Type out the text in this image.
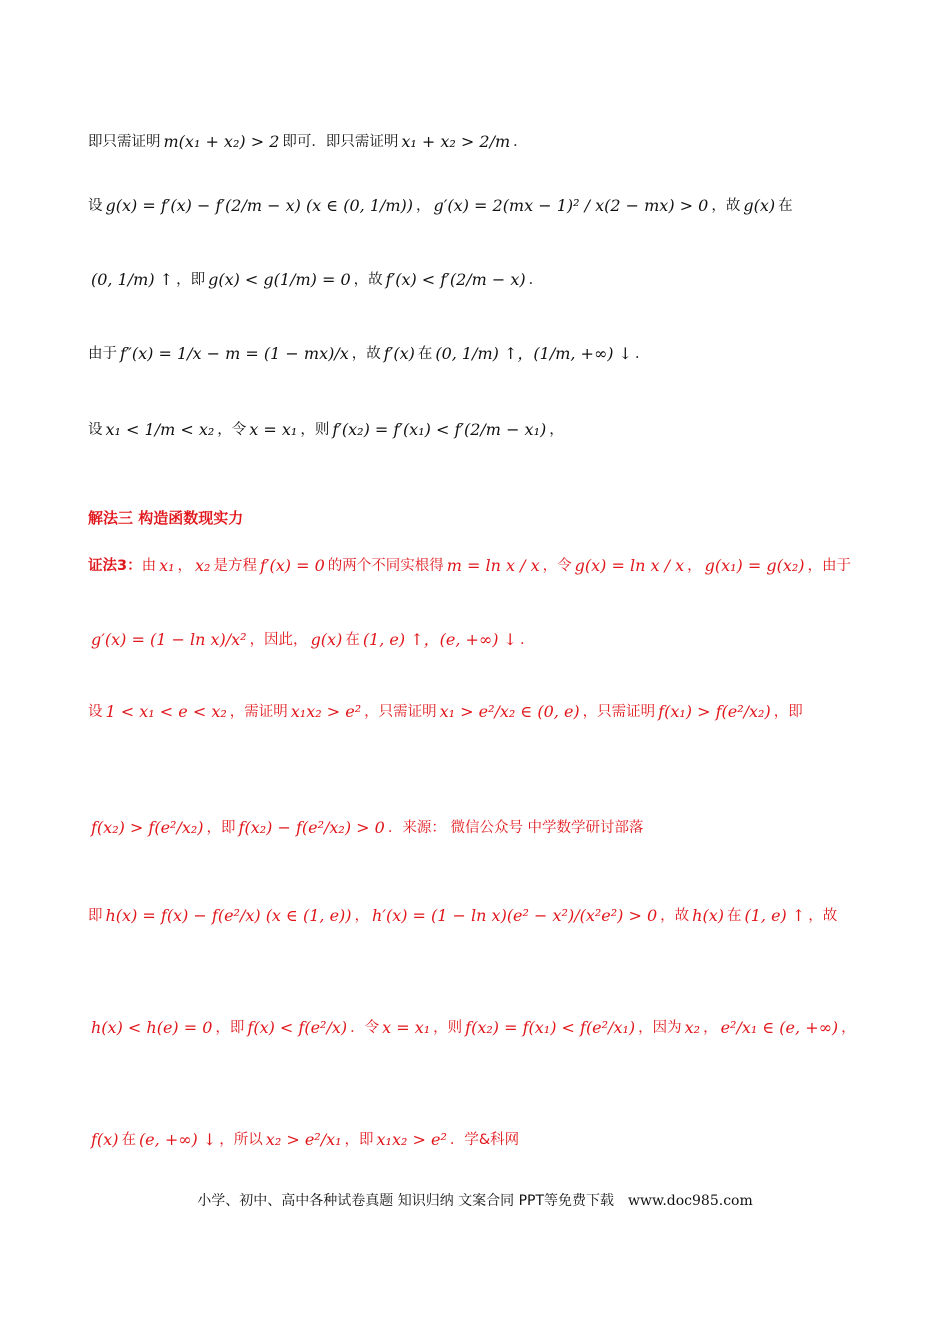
即只需证明 m(x₁ + x₂) > 2 即可．即只需证明 x₁ + x₂ > 2/m ．
设 g(x) = f′(x) − f′(2/m − x) (x ∈ (0, 1/m)) ， g′(x) = 2(mx − 1)² / x(2 − mx) > 0 ，故 g(x) 在
(0, 1/m) ↑ ，即 g(x) < g(1/m) = 0 ，故 f′(x) < f′(2/m − x) ．
由于 f″(x) = 1/x − m = (1 − mx)/x ，故 f′(x) 在 (0, 1/m) ↑，(1/m, +∞) ↓ ．
设 x₁ < 1/m < x₂ ，令 x = x₁ ，则 f′(x₂) = f′(x₁) < f′(2/m − x₁) ，
解法三 构造函数现实力
证法3： 由 x₁ ， x₂ 是方程 f′(x) = 0 的两个不同实根得 m = ln x / x ，令 g(x) = ln x / x ， g(x₁) = g(x₂) ，由于
g′(x) = (1 − ln x)/x² ，因此， g(x) 在 (1, e) ↑，(e, +∞) ↓ .
设 1 < x₁ < e < x₂ ，需证明 x₁x₂ > e² ，只需证明 x₁ > e²/x₂ ∈ (0, e) ，只需证明 f(x₁) > f(e²/x₂) ，即
f(x₂) > f(e²/x₂) ，即 f(x₂) − f(e²/x₂) > 0 ．来源： 微信公众号 中学数学研讨部落
即 h(x) = f(x) − f(e²/x) (x ∈ (1, e)) ， h′(x) = (1 − ln x)(e² − x²)/(x²e²) > 0 ，故 h(x) 在 (1, e) ↑ ，故
h(x) < h(e) = 0 ，即 f(x) < f(e²/x) ．令 x = x₁ ，则 f(x₂) = f(x₁) < f(e²/x₁) ，因为 x₂ ， e²/x₁ ∈ (e, +∞) ，
f(x) 在 (e, +∞) ↓ ，所以 x₂ > e²/x₁ ，即 x₁x₂ > e² ．学&科网
小学、初中、高中各种试卷真题 知识归纳 文案合同 PPT等免费下载 www.doc985.com
